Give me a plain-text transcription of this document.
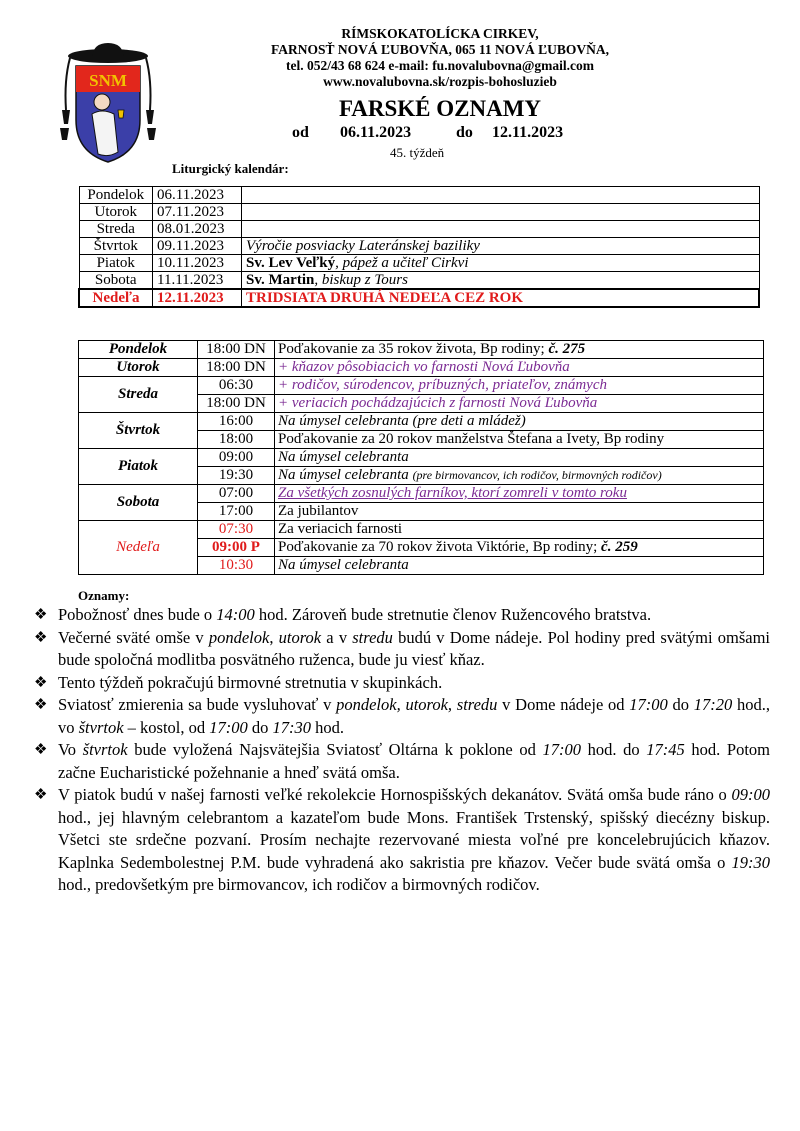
SNM
RÍMSKOKATOLÍCKA CIRKEV,
FARNOSŤ NOVÁ ĽUBOVŇA, 065 11 NOVÁ ĽUBOVŇA,
tel. 052/43 68 624 e-mail: fu.novalubovna@gmail.com
www.novalubovna.sk/rozpis-bohosluzieb
FARSKÉ OZNAMY
od 06.11.2023	do 12.11.2023
45. týždeň
Liturgický kalendár:
Pondelok	06.11.2023	
Utorok	07.11.2023	
Streda	08.01.2023	
Štvrtok	09.11.2023	Výročie posviacky Lateránskej baziliky
Piatok	10.11.2023	Sv. Lev Veľký, pápež a učiteľ Cirkvi
Sobota	11.11.2023	Sv. Martin, biskup z Tours
Nedeľa	12.11.2023	TRIDSIATA DRUHÁ NEDEĽA CEZ ROK
Pondelok	18:00 DN	Poďakovanie za 35 rokov života, Bp rodiny; č. 275
Utorok	18:00 DN	+ kňazov pôsobiacich vo farnosti Nová Ľubovňa
Streda	06:30	+ rodičov, súrodencov, príbuzných, priateľov, známych
	18:00 DN	+ veriacich pochádzajúcich z farnosti Nová Ľubovňa
Štvrtok	16:00	Na úmysel celebranta (pre deti a mládež)
	18:00	Poďakovanie za 20 rokov manželstva Štefana a Ivety, Bp rodiny
Piatok	09:00	Na úmysel celebranta
	19:30	Na úmysel celebranta (pre birmovancov, ich rodičov, birmovných rodičov)
Sobota	07:00	Za všetkých zosnulých farníkov, ktorí zomreli v tomto roku
	17:00	Za jubilantov
Nedeľa	07:30	Za veriacich farnosti
	09:00 P	Poďakovanie za 70 rokov života Viktórie, Bp rodiny; č. 259
	10:30	Na úmysel celebranta
Oznamy:
❖ Pobožnosť dnes bude o 14:00 hod. Zároveň bude stretnutie členov Ružencového bratstva.
❖ Večerné sväté omše v pondelok, utorok a v stredu budú v Dome nádeje. Pol hodiny pred svätými omšami bude spoločná modlitba posvätného ruženca, bude ju viesť kňaz.
❖ Tento týždeň pokračujú birmovné stretnutia v skupinkách.
❖ Sviatosť zmierenia sa bude vysluhovať v pondelok, utorok, stredu v Dome nádeje od 17:00 do 17:20 hod., vo štvrtok – kostol, od 17:00 do 17:30 hod.
❖ Vo štvrtok bude vyložená Najsvätejšia Sviatosť Oltárna k poklone od 17:00 hod. do 17:45 hod. Potom začne Eucharistické požehnanie a hneď svätá omša.
❖ V piatok budú v našej farnosti veľké rekolekcie Hornospišských dekanátov. Svätá omša bude ráno o 09:00 hod., jej hlavným celebrantom a kazateľom bude Mons. František Trstenský, spišský diecézny biskup. Všetci ste srdečne pozvaní. Prosím nechajte rezervované miesta voľné pre koncelebrujúcich kňazov. Kaplnka Sedembolestnej P.M. bude vyhradená ako sakristia pre kňazov. Večer bude svätá omša o 19:30 hod., predovšetkým pre birmovancov, ich rodičov a birmovných rodičov.
